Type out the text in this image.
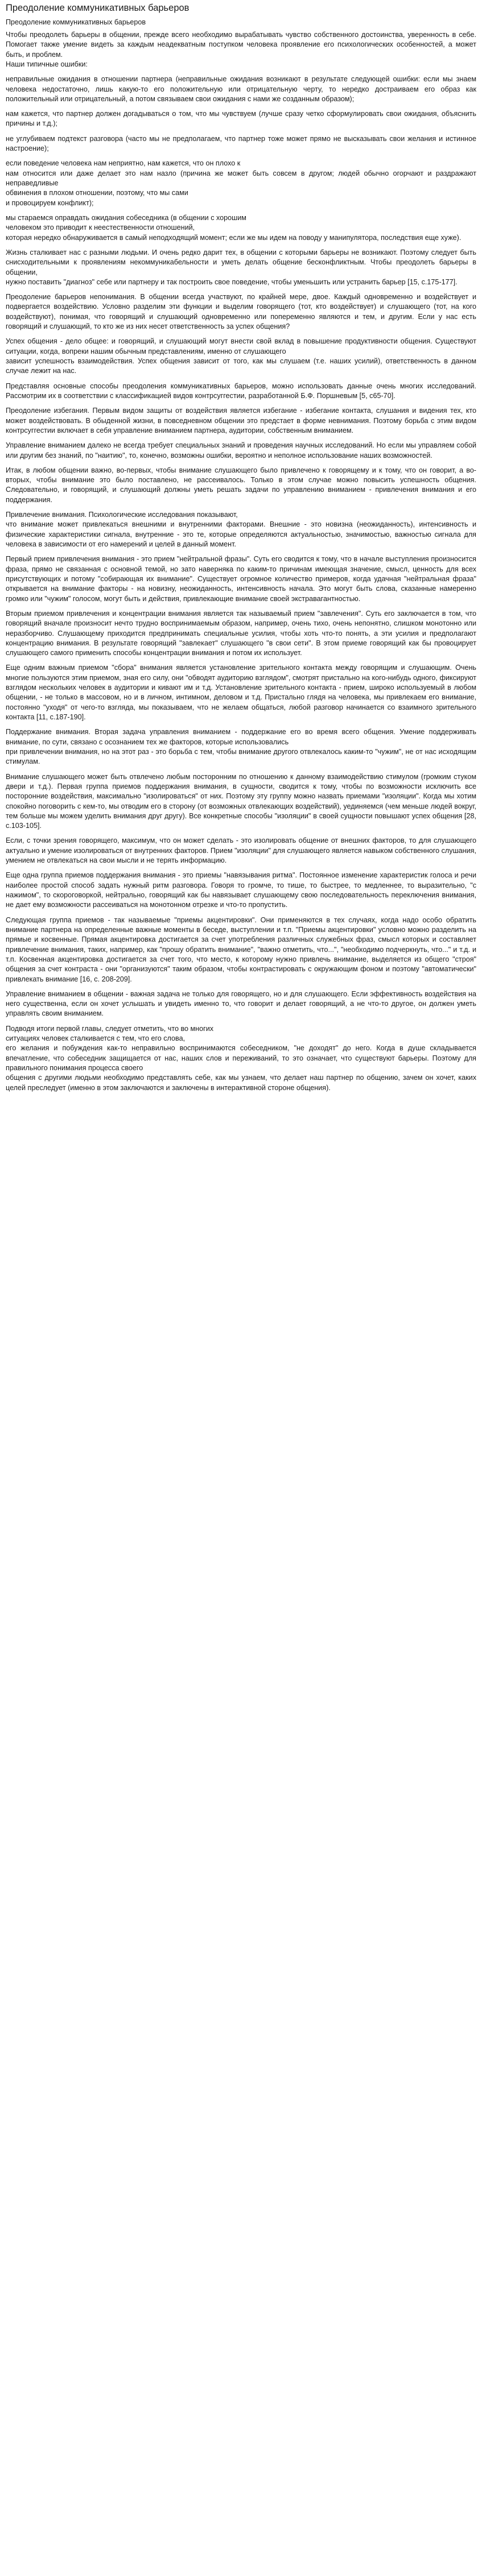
Преодоление коммуникативных барьеров
Преодоление коммуникативных барьеров

Чтобы преодолеть барьеры в общении, прежде всего необходимо вырабатывать чувство собственного достоинства, уверенность в себе. Помогает также умение видеть за каждым неадекватным поступком человека проявление его психологических особенностей, а может быть, и проблем.
Наши типичные ошибки:

неправильные ожидания в отношении партнера (неправильные ожидания возникают в результате следующей ошибки: если мы знаем человека недостаточно, лишь какую-то его положительную или отрицательную черту, то нередко достраиваем его образ как положительный или отрицательный, а потом связываем свои ожидания с нами же созданным образом);

нам кажется, что партнер должен догадываться о том, что мы чувствуем (лучше сразу четко сформулировать свои ожидания, объяснить причины и т.д.);

не углубиваем подтекст разговора (часто мы не предполагаем, что партнер тоже может прямо не высказывать свои желания и истинное настроение);

если поведение человека нам неприятно, нам кажется, что он плохо к
нам относится или даже делает это нам назло (причина же может быть совсем в другом; людей обычно огорчают и раздражают неправедливые
обвинения в плохом отношении, поэтому, что мы сами
и провоцируем конфликт);

мы стараемся оправдать ожидания собеседника (в общении с хорошим
человеком это приводит к неестественности отношений,
которая нередко обнаруживается в самый неподходящий момент; если же мы идем на поводу у манипулятора, последствия еще хуже).

Жизнь сталкивает нас с разными людьми. И очень редко дарит тех, в общении с которыми барьеры не возникают. Поэтому следует быть снисходительными к проявлениям некоммуникабельности и уметь делать общение бесконфликтным. Чтобы преодолеть барьеры в общении,
нужно поставить "диагноз" себе или партнеру и так построить свое поведение, чтобы уменьшить или устранить барьер [15, с.175-177].

Преодоление барьеров непонимания. В общении всегда участвуют, по крайней мере, двое. Каждый одновременно и воздействует и подвергается воздействию. Условно разделим эти функции и выделим говорящего (тот, кто воздействует) и слушающего (тот, на кого воздействуют), понимая, что говорящий и слушающий одновременно или попеременно являются и тем, и другим. Если у нас есть говорящий и слушающий, то кто же из них несет ответственность за успех общения?

Успех общения - дело общее: и говорящий, и слушающий могут внести свой вклад в повышение продуктивности общения. Существуют ситуации, когда, вопреки нашим обычным представлениям, именно от слушающего
зависит успешность взаимодействия. Успех общения зависит от того, как мы слушаем (т.е. наших усилий), ответственность в данном случае лежит на нас.

Представляя основные способы преодоления коммуникативных барьеров, можно использовать данные очень многих исследований. Рассмотрим их в соответствии с классификацией видов контрсуггестии, разработанной Б.Ф. Поршневым [5, с65-70].

Преодоление избегания. Первым видом защиты от воздействия является избегание - избегание контакта, слушания и видения тех, кто может воздействовать. В обыденной жизни, в повседневном общении это предстает в форме невнимания. Поэтому борьба с этим видом контрсуггестии включает в себя управление вниманием партнера, аудитории, собственным вниманием.

Управление вниманием далеко не всегда требует специальных знаний и проведения научных исследований. Но если мы управляем собой или другим без знаний, по "наитию", то, конечно, возможны ошибки, вероятно и неполное использование наших возможностей.

Итак, в любом общении важно, во-первых, чтобы внимание слушающего было привлечено к говорящему и к тому, что он говорит, а во-вторых, чтобы внимание это было поставлено, не рассеивалось. Только в этом случае можно повысить успешность общения. Следовательно, и говорящий, и слушающий должны уметь решать задачи по управлению вниманием - привлечения внимания и его поддержания.

Привлечение внимания. Психологические исследования показывают,
что внимание может привлекаться внешними и внутренними факторами. Внешние - это новизна (неожиданность), интенсивность и физические характеристики сигнала, внутренние - это те, которые определяются актуальностью, значимостью, важностью сигнала для человека в зависимости от его намерений и целей в данный момент.

Первый прием привлечения внимания - это прием "нейтральной фразы". Суть его сводится к тому, что в начале выступления произносится фраза, прямо не связанная с основной темой, но зато наверняка по каким-то причинам имеющая значение, смысл, ценность для всех присутствующих и потому "собирающая их внимание". Существует огромное количество примеров, когда удачная "нейтральная фраза" открывается на внимание факторы - на новизну, неожиданность, интенсивность начала. Это могут быть слова, сказанные намеренно громко или "чужим" голосом, могут быть и действия, привлекающие внимание своей экстравагантностью.

Вторым приемом привлечения и концентрации внимания является так называемый прием "завлечения". Суть его заключается в том, что говорящий вначале произносит нечто трудно воспринимаемым образом, например, очень тихо, очень непонятно, слишком монотонно или неразборчиво. Слушающему приходится предпринимать специальные усилия, чтобы хоть что-то понять, а эти усилия и предполагают концентрацию внимания. В результате говорящий "завлекает" слушающего "в свои сети". В этом приеме говорящий как бы провоцирует слушающего самого применить способы концентрации внимания и потом их использует.

Еще одним важным приемом "сбора" внимания является установление зрительного контакта между говорящим и слушающим. Очень многие пользуются этим приемом, зная его силу, они "обводят аудиторию взглядом", смотрят пристально на кого-нибудь одного, фиксируют взглядом нескольких человек в аудитории и кивают им и т.д. Установление зрительного контакта - прием, широко используемый в любом общении, - не только в массовом, но и в личном, интимном, деловом и т.д. Пристально глядя на человека, мы привлекаем его внимание, постоянно "уходя" от чего-то взгляда, мы показываем, что не желаем общаться, любой разговор начинается со взаимного зрительного контакта [11, с.187-190].

Поддержание внимания. Вторая задача управления вниманием - поддержание его во время всего общения. Умение поддерживать внимание, по сути, связано с осознанием тех же факторов, которые использовались
при привлечении внимания, но на этот раз - это борьба с тем, чтобы внимание другого отвлекалось каким-то "чужим", не от нас исходящим стимулам.

Внимание слушающего может быть отвлечено любым посторонним по отношению к данному взаимодействию стимулом (громким стуком двери и т.д.). Первая группа приемов поддержания внимания, в сущности, сводится к тому, чтобы по возможности исключить все посторонние воздействия, максимально "изолироваться" от них. Поэтому эту группу можно назвать приемами "изоляции". Когда мы хотим спокойно поговорить с кем-то, мы отводим его в сторону (от возможных отвлекающих воздействий), уединяемся (чем меньше людей вокруг, тем больше мы можем уделить внимания друг другу). Все конкретные способы "изоляции" в своей сущности повышают успех общения [28, с.103-105].

Если, с точки зрения говорящего, максимум, что он может сделать - это изолировать общение от внешних факторов, то для слушающего актуально и умение изолироваться от внутренних факторов. Прием "изоляции" для слушающего является навыком собственного слушания, умением не отвлекаться на свои мысли и не терять информацию.

Еще одна группа приемов поддержания внимания - это приемы "навязывания ритма". Постоянное изменение характеристик голоса и речи наиболее простой способ задать нужный ритм разговора. Говоря то громче, то тише, то быстрее, то медленнее, то выразительно, "с нажимом", то скороговоркой, нейтрально, говорящий как бы навязывает слушающему свою последовательность переключения внимания, не дает ему возможности рассеиваться на монотонном отрезке и что-то пропустить.

Следующая группа приемов - так называемые "приемы акцентировки". Они применяются в тех случаях, когда надо особо обратить внимание партнера на определенные важные моменты в беседе, выступлении и т.п. "Приемы акцентировки" условно можно разделить на прямые и косвенные. Прямая акцентировка достигается за счет употребления различных служебных фраз, смысл которых и составляет привлечение внимания, таких, например, как "прошу обратить внимание", "важно отметить, что...", "необходимо подчеркнуть, что..." и т.д. и т.п. Косвенная акцентировка достигается за счет того, что место, к которому нужно привлечь внимание, выделяется из общего "строя" общения за счет контраста - они "организуются" таким образом, чтобы контрастировать с окружающим фоном и поэтому "автоматически" привлекать внимание [16, с. 208-209].

Управление вниманием в общении - важная задача не только для говорящего, но и для слушающего. Если эффективность воздействия на него существенна, если он хочет услышать и увидеть именно то, что говорит и делает говорящий, а не что-то другое, он должен уметь управлять своим вниманием.

Подводя итоги первой главы, следует отметить, что во многих
ситуациях человек сталкивается с тем, что его слова,
его желания и побуждения как-то неправильно воспринимаются собеседником, "не доходят" до него. Когда в душе складывается впечатление, что собеседник защищается от нас, наших слов и переживаний, то это означает, что существуют барьеры. Поэтому для правильного понимания процесса своего
общения с другими людьми необходимо представлять себе, как мы узнаем, что делает наш партнер по общению, зачем он хочет, каких целей преследует (именно в этом заключаются и заключены в интерактивной стороне общения).
